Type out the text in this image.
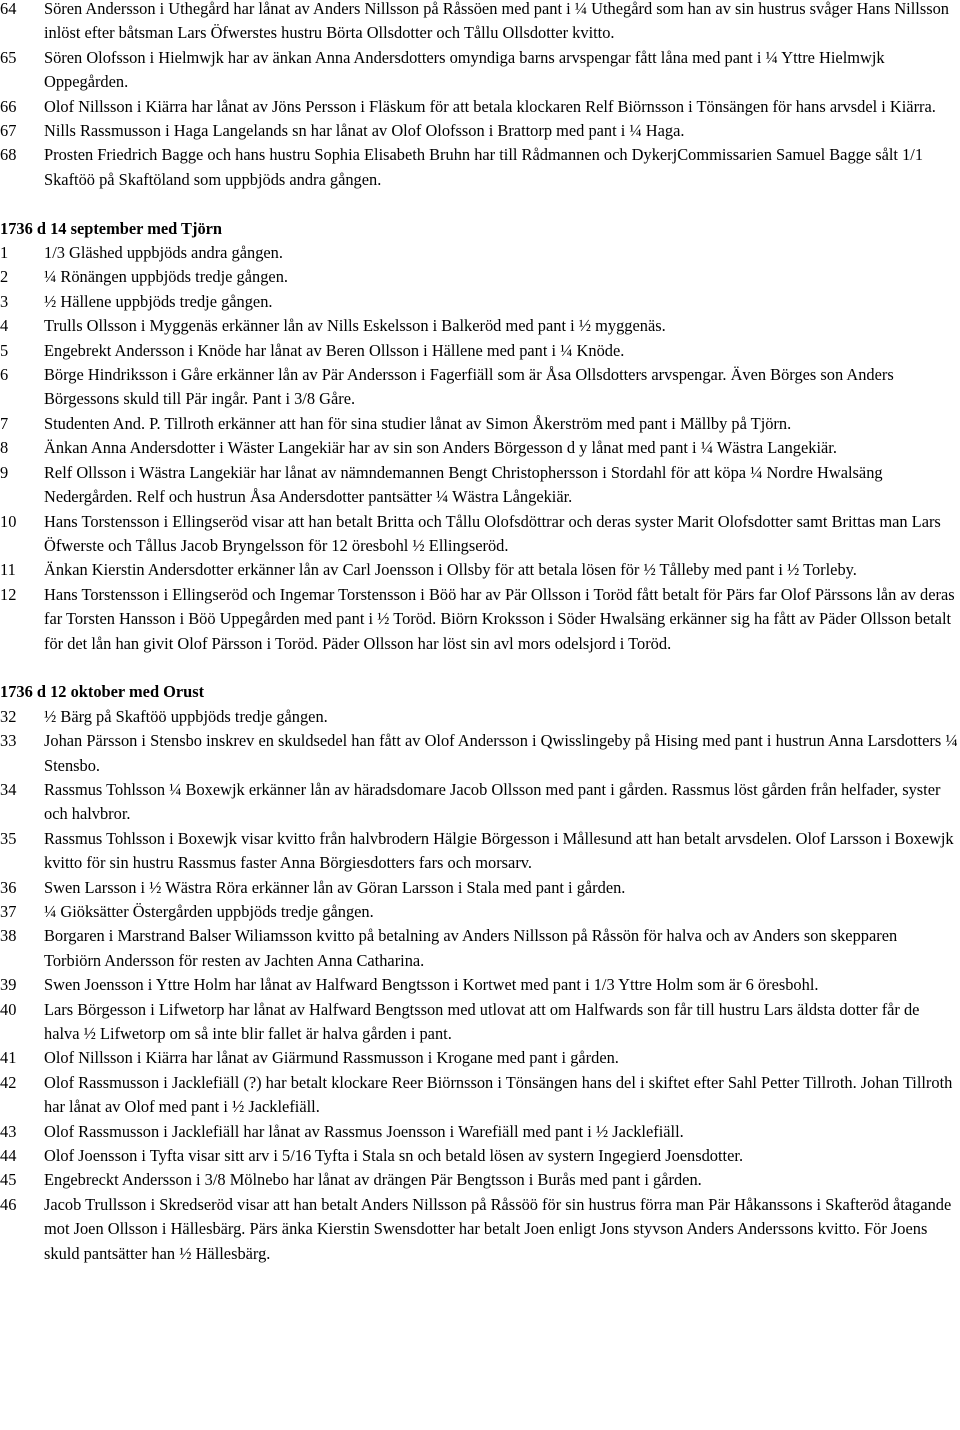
64	Sören Andersson i Uthegård har lånat av Anders Nillsson på Råssöen med pant i ¼ Uthegård som han av sin hustrus svåger Hans Nillsson inlöst efter båtsman Lars Öfwerstes hustru Börta Ollsdotter och Tållu Ollsdotter kvitto.
65	Sören Olofsson i Hielmwjk har av änkan Anna Andersdotters omyndiga barns arvspengar fått låna med pant i ¼ Yttre Hielmwjk Oppegården.
66	Olof Nillsson i Kiärra har lånat av Jöns Persson i Fläskum för att betala klockaren Relf Biörnsson i Tönsängen för hans arvsdel i Kiärra.
67	Nills Rassmusson i Haga Langelands sn har lånat av Olof Olofsson i Brattorp med pant i ¼ Haga.
68	Prosten Friedrich Bagge och hans hustru Sophia Elisabeth Bruhn har till Rådmannen och DykerjCommissarien Samuel Bagge sålt 1/1 Skaftöö på Skaftöland som uppbjöds andra gången.
1736 d 14 september med Tjörn
1	1/3 Gläshed uppbjöds andra gången.
2	¼ Rönängen uppbjöds tredje gången.
3	½ Hällene uppbjöds tredje gången.
4	Trulls Ollsson i Myggenäs erkänner lån av Nills Eskelsson i Balkeröd med pant i ½ myggenäs.
5	Engebrekt Andersson i Knöde har lånat av Beren Ollsson i Hällene med pant i ¼ Knöde.
6	Börge Hindriksson i Gåre erkänner lån av Pär Andersson i Fagerfiäll som är Åsa Ollsdotters arvspengar. Även Börges son Anders Börgessons skuld till Pär ingår. Pant i 3/8 Gåre.
7	Studenten And. P. Tillroth erkänner att han för sina studier lånat av Simon Åkerström med pant i Mällby på Tjörn.
8	Änkan Anna Andersdotter i Wäster Langekiär har av sin son Anders Börgesson d y lånat med pant i ¼ Wästra Langekiär.
9	Relf Ollsson i Wästra Langekiär har lånat av nämndemannen Bengt Christophersson i Stordahl för att köpa ¼ Nordre Hwalsäng Nedergården. Relf och hustrun Åsa Andersdotter pantsätter ¼ Wästra Långekiär.
10	Hans Torstensson i Ellingseröd visar att han betalt Britta och Tållu Olofsdöttrar och deras syster Marit Olofsdotter samt Brittas man Lars Öfwerste och Tållus Jacob Bryngelsson för 12 öresbohl ½ Ellingseröd.
11	Änkan Kierstin Andersdotter erkänner lån av Carl Joensson i Ollsby för att betala lösen för ½ Tålleby med pant i ½ Torleby.
12	Hans Torstensson i Ellingseröd och Ingemar Torstensson i Böö har av Pär Ollsson i Toröd fått betalt för Pärs far Olof Pärssons lån av deras far Torsten Hansson i Böö Uppegården med pant i ½ Toröd. Biörn Kroksson i Söder Hwalsäng erkänner sig ha fått av Päder Ollsson betalt för det lån han givit Olof Pärsson i Toröd. Päder Ollsson har löst sin avl mors odelsjord i Toröd.
1736 d 12 oktober med Orust
32	½ Bärg på Skaftöö uppbjöds tredje gången.
33	Johan Pärsson i Stensbo inskrev en skuldsedel han fått av Olof Andersson i Qwisslingeby på Hising med pant i hustrun Anna Larsdotters ¼ Stensbo.
34	Rassmus Tohlsson ¼ Boxewjk erkänner lån av häradsdomare Jacob Ollsson med pant i gården. Rassmus löst gården från helfader, syster och halvbror.
35	Rassmus Tohlsson i Boxewjk visar kvitto från halvbrodern Hälgie Börgesson i Mållesund att han betalt arvsdelen. Olof Larsson i Boxewjk kvitto för sin hustru Rassmus faster Anna Börgiesdotters fars och morsarv.
36	Swen Larsson i ½ Wästra Röra erkänner lån av Göran Larsson i Stala med pant i gården.
37	¼ Giöksätter Östergården uppbjöds tredje gången.
38	Borgaren i Marstrand Balser Wiliamsson kvitto på betalning av Anders Nillsson på Råssön för halva och av Anders son skepparen Torbiörn Andersson för resten av Jachten Anna Catharina.
39	Swen Joensson i Yttre Holm har lånat av Halfward Bengtsson i Kortwet med pant i 1/3 Yttre Holm som är 6 öresbohl.
40	Lars Börgesson i Lifwetorp har lånat av Halfward Bengtsson med utlovat att om Halfwards son får till hustru Lars äldsta dotter får de halva ½ Lifwetorp om så inte blir fallet är halva gården i pant.
41	Olof Nillsson i Kiärra har lånat av Giärmund Rassmusson i Krogane med pant i gården.
42	Olof Rassmusson i Jacklefiäll (?) har betalt klockare Reer Biörnsson i Tönsängen hans del i skiftet efter Sahl Petter Tillroth. Johan Tillroth har lånat av Olof med pant i ½ Jacklefiäll.
43	Olof Rassmusson i Jacklefiäll har lånat av Rassmus Joensson i Warefiäll med pant i ½ Jacklefiäll.
44	Olof Joensson i Tyfta visar sitt arv i 5/16 Tyfta i Stala sn och betald lösen av systern Ingegierd Joensdotter.
45	Engebreckt Andersson i 3/8 Mölnebo har lånat av drängen Pär Bengtsson i Burås med pant i gården.
46	Jacob Trullsson i Skredseröd visar att han betalt Anders Nillsson på Råssöö för sin hustrus förra man Pär Håkanssons i Skafteröd åtagande mot Joen Ollsson i Hällesbärg. Pärs änka Kierstin Swensdotter har betalt Joen enligt Jons styvson Anders Anderssons kvitto. För Joens skuld pantsätter han ½ Hällesbärg.
